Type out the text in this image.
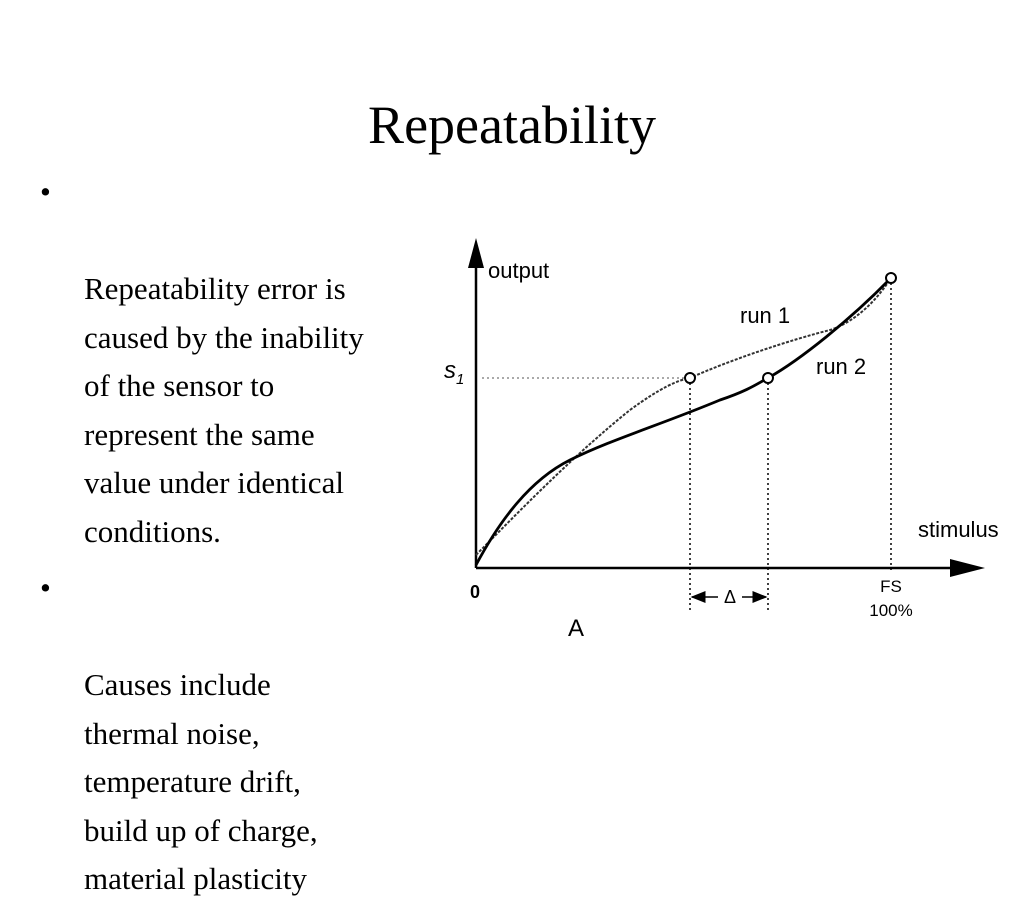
Repeatability

•

Repeatability error is
caused by the inability
of the sensor to
represent the same
value under identical
conditions.

•

Causes include
thermal noise,
temperature drift,
build up of charge,
material plasticity

Δ
output
stimulus
0	FS
100%
run 1
run 2
$s_1$
A
